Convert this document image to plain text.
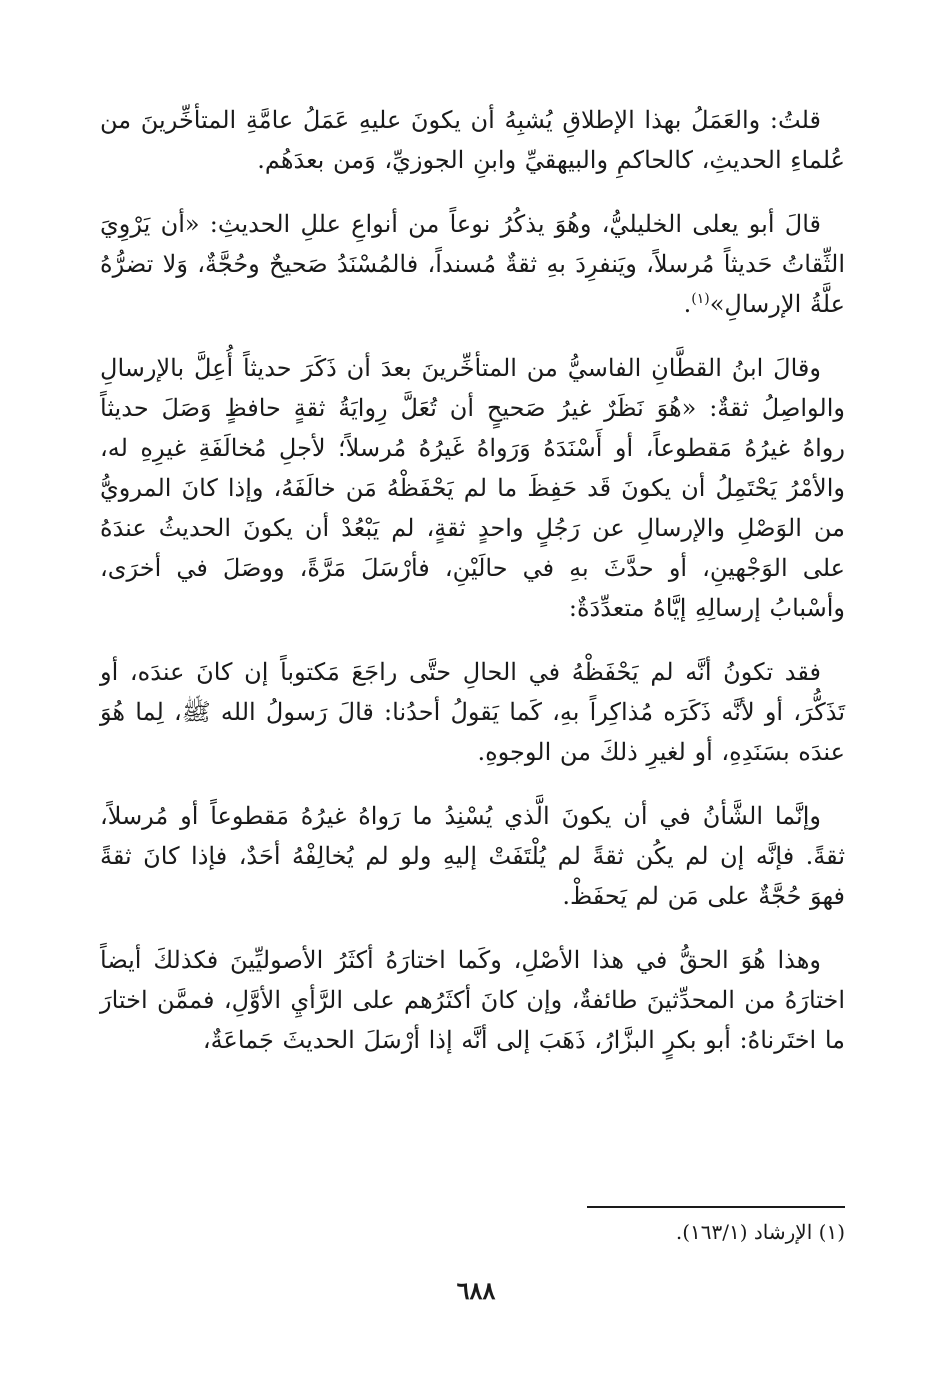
قلتُ: والعَمَلُ بهذا الإطلاقِ يُشبِهُ أن يكونَ عليهِ عَمَلُ عامَّةِ المتأخِّرينَ من عُلماءِ الحديثِ، كالحاكمِ والبيهقيِّ وابنِ الجوزيِّ، وَمن بعدَهُم.

قالَ أبو يعلى الخليليُّ، وهُوَ يذكُرُ نوعاً من أنواعِ عللِ الحديثِ: «أن يَرْوِيَ الثِّقاتُ حَديثاً مُرسلاً، ويَنفرِدَ بهِ ثقةٌ مُسنداً، فالمُسْنَدُ صَحيحٌ وحُجَّةٌ، وَلا تضرُّهُ علَّةُ الإرسالِ»$^{(١)}$.

وقالَ ابنُ القطَّانِ الفاسيُّ من المتأخِّرينَ بعدَ أن ذَكَرَ حديثاً أُعِلَّ بالإرسالِ والواصِلُ ثقةٌ: «هُوَ نَظَرٌ غيرُ صَحيحٍ أن تُعَلَّ رِوايَةُ ثقةٍ حافظٍ وَصَلَ حديثاً رواهُ غيرُهُ مَقطوعاً، أو أَسْنَدَهُ وَرَواهُ غَيرُهُ مُرسلاً؛ لأجلِ مُخالَفَةِ غيرِهِ له، والأمْرُ يَحْتَمِلُ أن يكونَ قَد حَفِظَ ما لم يَحْفَظْهُ مَن خالَفَهُ، وإذا كانَ المرويُّ من الوَصْلِ والإرسالِ عن رَجُلٍ واحدٍ ثقةٍ، لم يَبْعُدْ أن يكونَ الحديثُ عندَهُ على الوَجْهينِ، أو حدَّثَ بهِ في حالَيْنِ، فأرْسَلَ مَرَّةً، ووصَلَ في أخرَى، وأسْبابُ إرسالِهِ إيَّاهُ متعدِّدَةٌ:

فقد تكونُ أنَّه لم يَحْفَظْهُ في الحالِ حتَّى راجَعَ مَكتوباً إن كانَ عندَه، أو تَذَكُّرَ، أو لأنَّه ذَكَرَه مُذاكِراً بهِ، كَما يَقولُ أحدُنا: قالَ رَسولُ الله ﷺ، لِما هُوَ عندَه بسَنَدِهِ، أو لغيرِ ذلكَ من الوجوهِ.

وإنَّما الشَّأنُ في أن يكونَ الَّذي يُسْنِدُ ما رَواهُ غيرُهُ مَقطوعاً أو مُرسلاً، ثقةً. فإنَّه إن لم يكُن ثقةً لم يُلْتَفَتْ إليهِ ولو لم يُخالِفْهُ أحَدٌ، فإذا كانَ ثقةً فهوَ حُجَّةٌ على مَن لم يَحفَظْ.

وهذا هُوَ الحقُّ في هذا الأصْلِ، وكَما اختارَهُ أكثَرُ الأصوليِّينَ فكذلكَ أيضاً اختارَهُ من المحدِّثينَ طائفةٌ، وإن كانَ أكثَرُهم على الرَّأيِ الأوَّلِ، فممَّن اختارَ ما اختَرناهُ: أبو بكرٍ البزَّارُ، ذَهَبَ إلى أنَّه إذا أرْسَلَ الحديثَ جَماعَةٌ،

(١) الإرشاد (١٦٣/١).

٦٨٨
